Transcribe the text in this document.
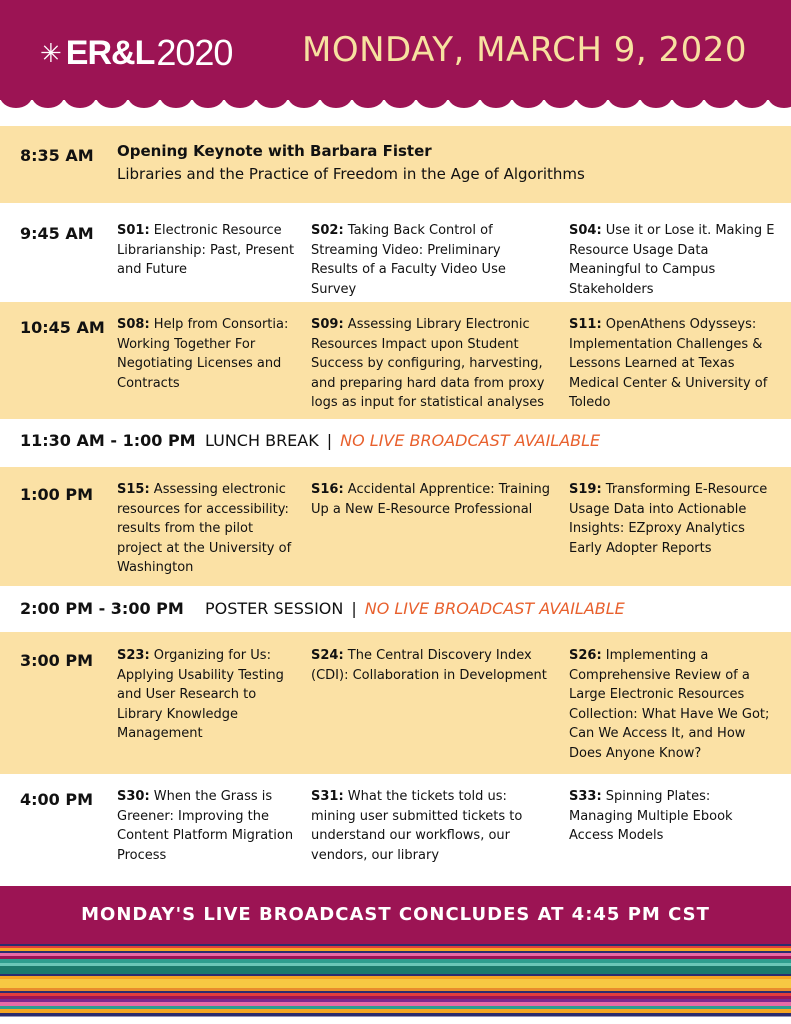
✳ ER&L 2020 MONDAY, MARCH 9, 2020
8:35 AM Opening Keynote with Barbara Fister
Libraries and the Practice of Freedom in the Age of Algorithms
9:45 AM S01: Electronic Resource Librarianship: Past, Present and Future
S02: Taking Back Control of Streaming Video: Preliminary Results of a Faculty Video Use Survey
S04: Use it or Lose it. Making E Resource Usage Data Meaningful to Campus Stakeholders
10:45 AM S08: Help from Consortia: Working Together For Negotiating Licenses and Contracts
S09: Assessing Library Electronic Resources Impact upon Student Success by configuring, harvesting, and preparing hard data from proxy logs as input for statistical analyses
S11: OpenAthens Odysseys: Implementation Challenges & Lessons Learned at Texas Medical Center & University of Toledo
11:30 AM - 1:00 PM LUNCH BREAK | NO LIVE BROADCAST AVAILABLE
1:00 PM S15: Assessing electronic resources for accessibility: results from the pilot project at the University of Washington
S16: Accidental Apprentice: Training Up a New E-Resource Professional
S19: Transforming E-Resource Usage Data into Actionable Insights: EZproxy Analytics Early Adopter Reports
2:00 PM - 3:00 PM POSTER SESSION | NO LIVE BROADCAST AVAILABLE
3:00 PM S23: Organizing for Us: Applying Usability Testing and User Research to Library Knowledge Management
S24: The Central Discovery Index (CDI): Collaboration in Development
S26: Implementing a Comprehensive Review of a Large Electronic Resources Collection: What Have We Got; Can We Access It, and How Does Anyone Know?
4:00 PM S30: When the Grass is Greener: Improving the Content Platform Migration Process
S31: What the tickets told us: mining user submitted tickets to understand our workflows, our vendors, our library
S33: Spinning Plates: Managing Multiple Ebook Access Models
MONDAY'S LIVE BROADCAST CONCLUDES AT 4:45 PM CST
